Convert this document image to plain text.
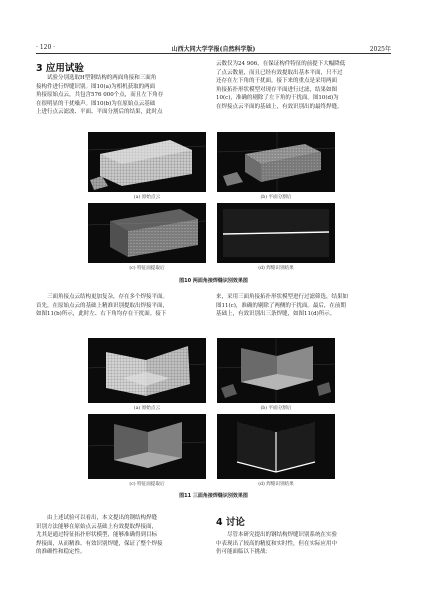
· 120 ·	山西大同大学学报(自然科学版)	2025年
3 应用试验
试验分别选取H型钢结构的两面角接和三面角
接构件进行焊缝识别。图10(a)为相机获取的两面
角接原始点云，共包含576 000个点，而且左下角存
在很明显的干扰噪声。图10(b)为在原始点云基础
上进行点云滤波、平面、平面分割后的结果，此时点
云数仅为24 906，在保证构件特征的前提下大幅降低
了点云数量，而且已经有效提取出基本平面，只不过
还存在左下角的干扰面。接下来的重点是采用两面
角接拓扑形状模型对现存平面进行过滤，结果如图
10(c)，准确的剔除了左下角的干扰面。图10(d)为
在焊接点云平面的基础上，有效识别出的最终焊缝。
(a) 原始点云	(b) 平面分割后
(c) 特征面提取后	(d) 焊缝识别结果
图10 两面角接焊缝识别效果图
三面角接点云结构更加复杂，存在多个焊接平面。
首先，在原始点云的基础上精准识别提取出焊接平面，
如图11(b)所示，此时左、右下角均存在干扰面。接下
来，采用三面角接拓扑形状模型进行过滤筛选，结果如
图11(c)，准确的剔除了两侧的干扰面。最后，在前期
基础上，有效识别出三条焊缝，如图11(d)所示。
(a) 原始点云	(b) 平面分割后
(c) 特征面提取后	(d) 焊缝识别结果
图11 三面角接焊缝识别效果图
由上述试验可以看出，本文提出的钢结构焊缝
识别方法能够在原始点云基础上有效提取焊接面，
尤其是通过特征拓扑形状模型，能够准确得到目标
焊接面，从而精准、有效识别焊缝，保证了整个焊接
的准确性和稳定性。
4 讨论
尽管本研究提出的钢结构焊缝识别系统在实验
中表现出了较高的精度和实时性，但在实际应用中
仍可能面临以下挑战：
